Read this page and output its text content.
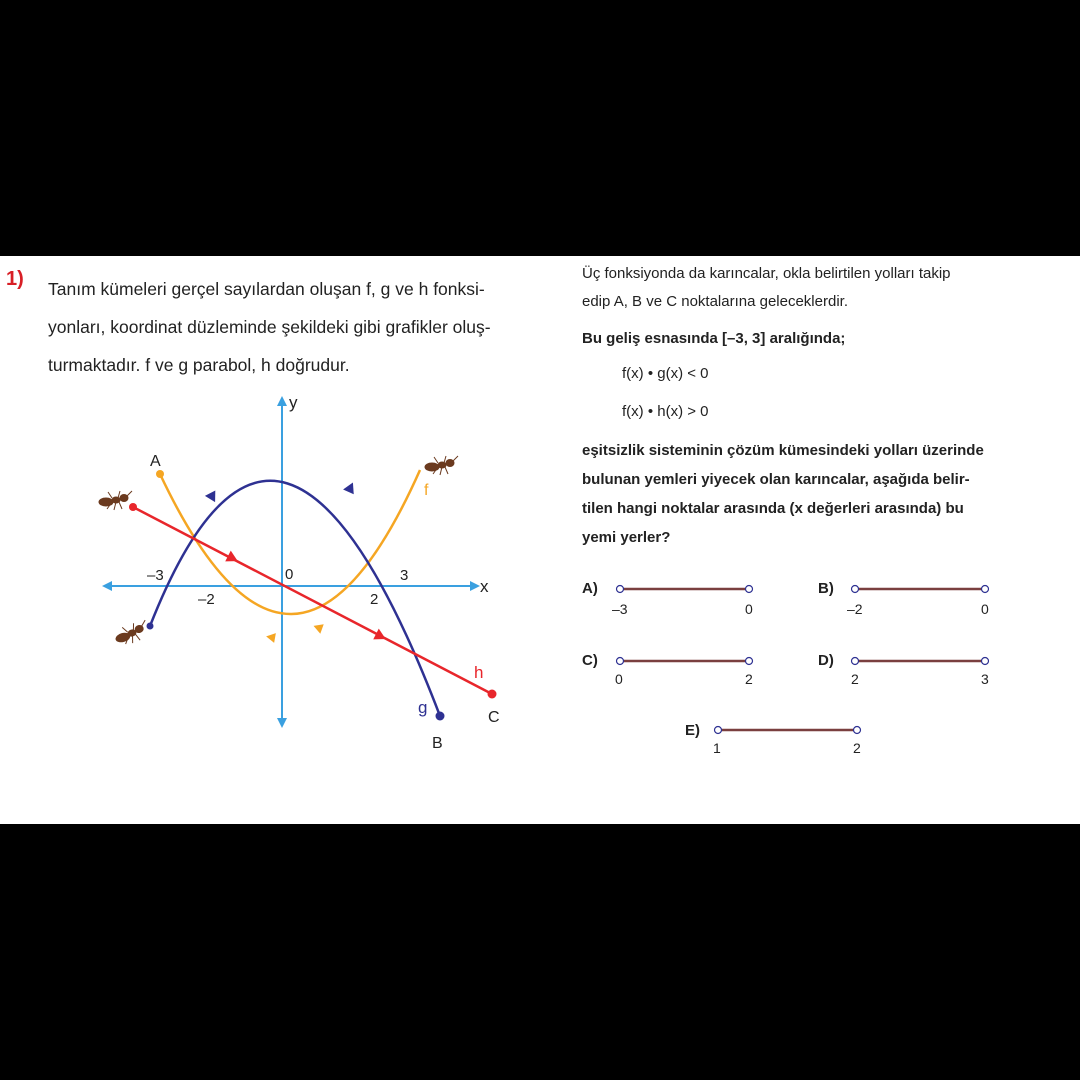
1) Tanım kümeleri gerçel sayılardan oluşan f, g ve h fonksi-

yonları, koordinat düzleminde şekildeki gibi grafikler oluş-

turmaktadır. f ve g parabol, h doğrudur.

y
x
0
–3
–2	2
3
f
g
h
A
B
C

Üç fonksiyonda da karıncalar, okla belirtilen yolları takip

edip A, B ve C noktalarına geleceklerdir.

Bu geliş esnasında [–3, 3] aralığında;

f(x) • g(x) < 0

f(x) • h(x) > 0

eşitsizlik sisteminin çözüm kümesindeki yolları üzerinde

bulunan yemleri yiyecek olan karıncalar, aşağıda belir-

tilen hangi noktalar arasında (x değerleri arasında) bu

yemi yerler?

A)
–3	0
B)
–2	0
C)
0	2
D)
2	3
E)
1	2
